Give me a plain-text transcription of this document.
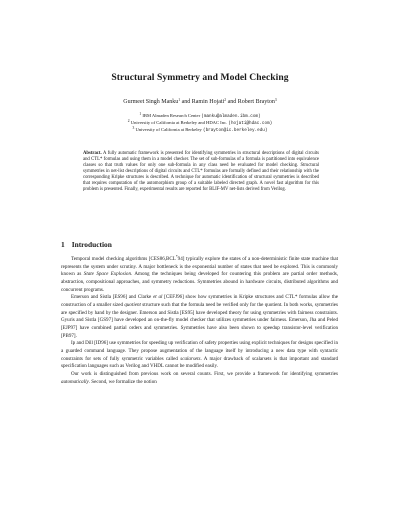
Structural Symmetry and Model Checking
Gurmeet Singh Manku$^1$ and Ramin Hojati$^2$ and Robert Brayton$^3$
$^1$ IBM Almaden Research Center (manku@almaden.ibm.com)
$^2$ University of California at Berkeley and HDAC Inc. (hojati@hdac.com)
$^3$ University of California at Berkeley (brayton@ic.berkeley.edu)

Abstract. A fully automatic framework is presented for identifying symmetries in structural descriptions of digital circuits and CTL* formulas and using them in a model checker. The set of sub-formulas of a formula is partitioned into equivalence classes so that truth values for only one sub-formula in any class need be evaluated for model checking. Structural symmetries in net-list descriptions of digital circuits and CTL* formulas are formally defined and their relationship with the corresponding Kripke structures is described. A technique for automatic identification of structural symmetries is described that requires computation of the automorphism group of a suitable labeled directed graph. A novel fast algorithm for this problem is presented. Finally, experimental results are reported for BLIF-MV net-lists derived from Verilog.

1 Introduction

Temporal model checking algorithms [CES86,BCL*94] typically explore the states of a non-deterministic finite state machine that represents the system under scrutiny. A major bottleneck is the exponential number of states that need be explored. This is commonly known as State Space Explosion. Among the techniques being developed for countering this problem are partial order methods, abstraction, compositional approaches, and symmetry reductions. Symmetries abound in hardware circuits, distributed algorithms and concurrent programs.

Emerson and Sistla [ES96] and Clarke et al [CEFJ96] show how symmetries in Kripke structures and CTL* formulas allow the construction of a smaller sized quotient structure such that the formula need be verified only for the quotient. In both works, symmetries are specified by hand by the designer. Emerson and Sistla [ES95] have developed theory for using symmetries with fairness constraints. Gyuris and Sistla [GS97] have developed an on-the-fly model checker that utilizes symmetries under fairness. Emerson, Jha and Peled [EJP97] have combined partial orders and symmetries. Symmetries have also been shown to speedup transistor-level verification [PB97].

Ip and Dill [ID96] use symmetries for speeding up verification of safety properties using explicit techniques for designs specified in a guarded command language. They propose augmentation of the language itself by introducing a new data type with syntactic constraints for sets of fully symmetric variables called scalarsets. A major drawback of scalarsets is that important and standard specification languages such as Verilog and VHDL cannot be modified easily.

Our work is distinguished from previous work on several counts. First, we provide a framework for identifying symmetries automatically. Second, we formalize the notion
